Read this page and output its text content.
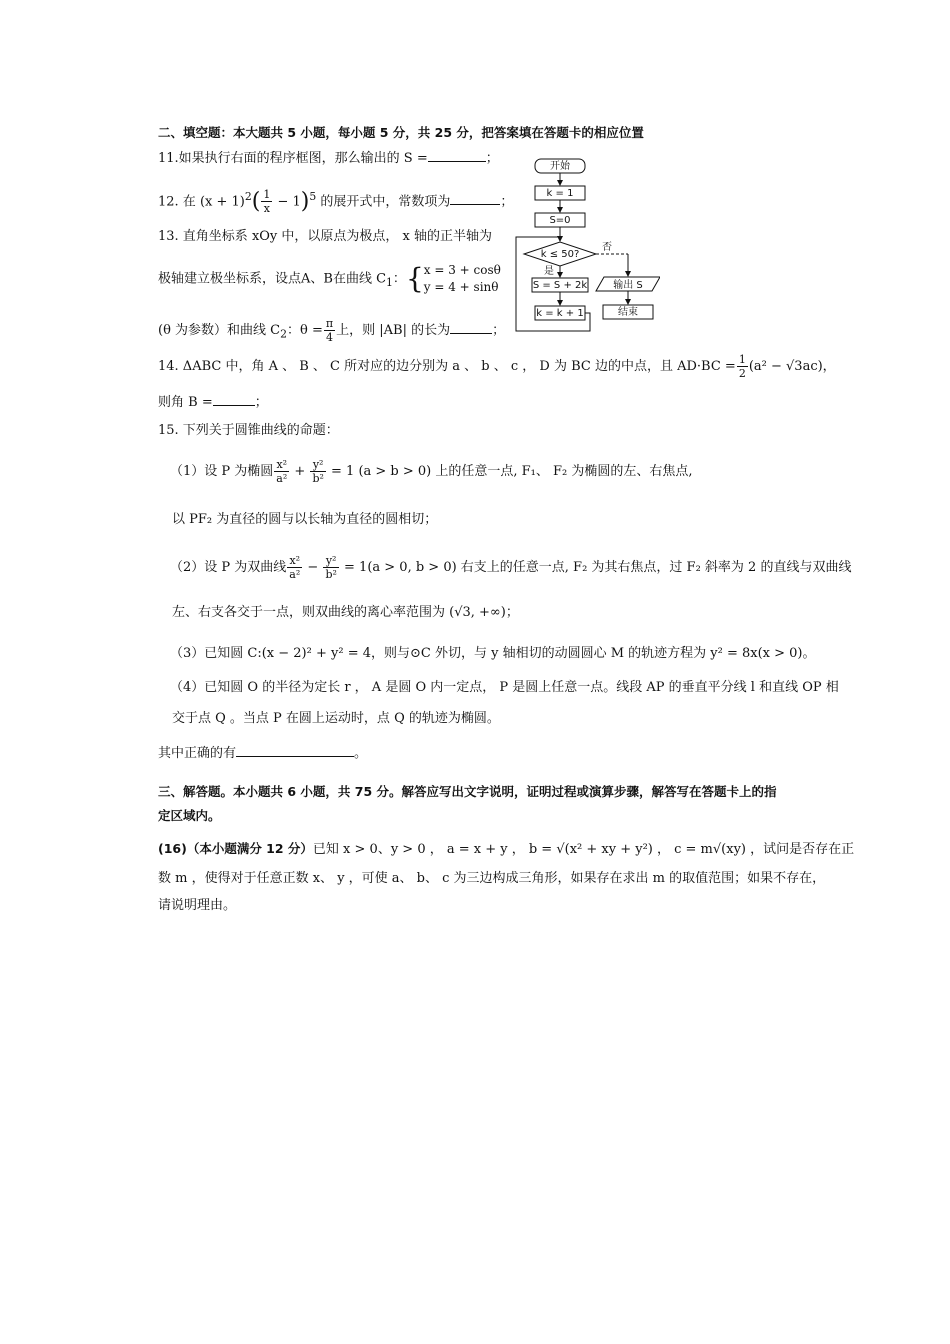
二、填空题：本大题共 5 小题，每小题 5 分，共 25 分，把答案填在答题卡的相应位置
11.如果执行右面的程序框图，那么输出的 S =	；
12. 在 $(x + 1)^2( \frac{1}{x} - 1)^5$ 的展开式中，常数项为	；
13. 直角坐标系 xOy 中，以原点为极点， x 轴的正半轴为
极轴建立极坐标系，设点A、B在曲线 $C_1$：{ x = 3 + cosθ
y = 4 + sinθ
(θ 为参数）和曲线 $C_2$：$\theta = \frac{\pi}{4}$ 上，则 |AB| 的长为	；
14. ΔABC 中，角 A 、 B 、 C 所对应的边分别为 a 、 b 、 c ， D 为 BC 边的中点，且 $AD\cdot BC = \frac{1}{2} (a^2 - √3ac)$，
则角 B =	；
15. 下列关于圆锥曲线的命题：
（1）设 P 为椭圆 $\frac{\text{x²}}{\text{a²}} + \frac{\text{y²}}{\text{b²}} = 1$ (a > b > 0) 上的任意一点, F₁、 F₂ 为椭圆的左、右焦点,
以 PF₂ 为直径的圆与以长轴为直径的圆相切；
（2）设 P 为双曲线 $\frac{\text{x²}}{\text{a²}} - \frac{\text{y²}}{\text{b²}} = 1(a > 0$, b > 0) 右支上的任意一点, F₂ 为其右焦点，过 F₂ 斜率为 2 的直线与双曲线
左、右支各交于一点，则双曲线的离心率范围为 (√3, +∞)；
（3）已知圆 C:(x − 2)² + y² = 4，则与⊙C 外切，与 y 轴相切的动圆圆心 M 的轨迹方程为 y² = 8x(x > 0)。
（4）已知圆 O 的半径为定长 r ， A 是圆 O 内一定点， P 是圆上任意一点。线段 AP 的垂直平分线 l 和直线 OP 相
交于点 Q 。当点 P 在圆上运动时，点 Q 的轨迹为椭圆。
其中正确的有	。
三、解答题。本小题共 6 小题，共 75 分。解答应写出文字说明，证明过程或演算步骤，解答写在答题卡上的指
定区域内。
(16)（本小题满分 12 分）已知 x > 0、y > 0 ， a = x + y ， b = √(x² + xy + y²) ， c = m√(xy) ，试问是否存在正
数 m ，使得对于任意正数 x、 y ，可使 a、 b、 c 为三边构成三角形，如果存在求出 m 的取值范围；如果不存在，
请说明理由。
开始
k = 1
S=0
k ≤ 50?
否
输出 S
结束
是
S = S + 2k
k = k + 1
